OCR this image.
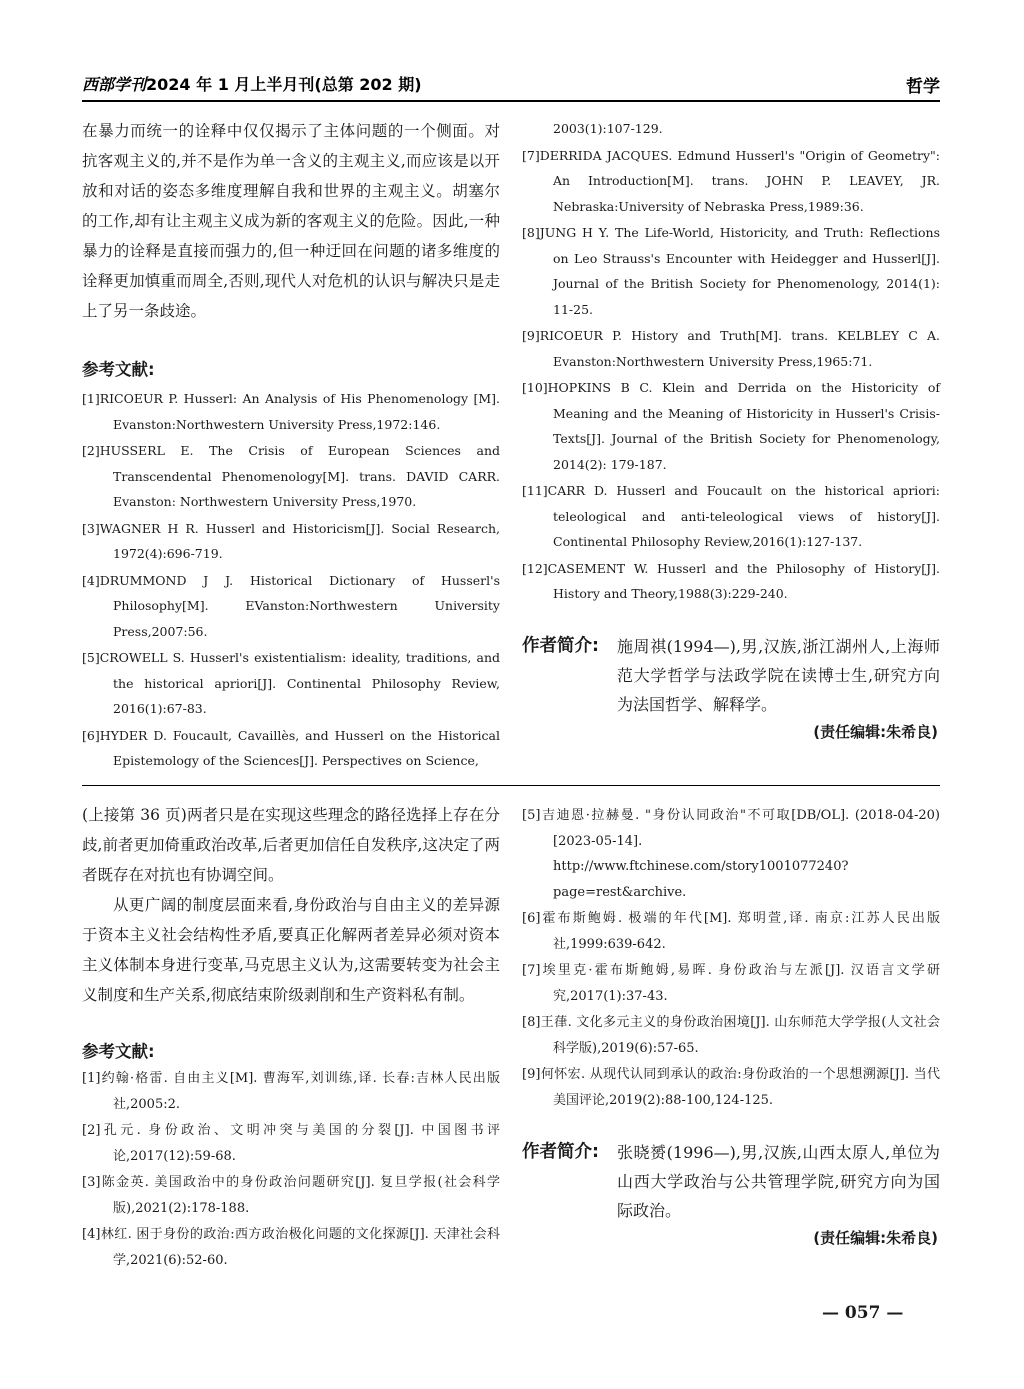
西部学刊2024 年 1 月上半月刊(总第 202 期)	哲学

在暴力而统一的诠释中仅仅揭示了主体问题的一个侧面。对抗客观主义的,并不是作为单一含义的主观主义,而应该是以开放和对话的姿态多维度理解自我和世界的主观主义。胡塞尔的工作,却有让主观主义成为新的客观主义的危险。因此,一种暴力的诠释是直接而强力的,但一种迂回在问题的诸多维度的诠释更加慎重而周全,否则,现代人对危机的认识与解决只是走上了另一条歧途。

参考文献:

[1]RICOEUR P. Husserl: An Analysis of His Phenomenology [M]. Evanston:Northwestern University Press,1972:146.
[2]HUSSERL E. The Crisis of European Sciences and Transcendental Phenomenology[M]. trans. DAVID CARR. Evanston: Northwestern University Press,1970.
[3]WAGNER H R. Husserl and Historicism[J]. Social Research, 1972(4):696-719.
[4]DRUMMOND J J. Historical Dictionary of Husserl's Philosophy[M]. EVanston:Northwestern University Press,2007:56.
[5]CROWELL S. Husserl's existentialism: ideality, traditions, and the historical apriori[J]. Continental Philosophy Review, 2016(1):67-83.
[6]HYDER D. Foucault, Cavaillès, and Husserl on the Historical Epistemology of the Sciences[J]. Perspectives on Science,
2003(1):107-129.
[7]DERRIDA JACQUES. Edmund Husserl's "Origin of Geometry": An Introduction[M]. trans. JOHN P. LEAVEY, JR. Nebraska:University of Nebraska Press,1989:36.
[8]JUNG H Y. The Life-World, Historicity, and Truth: Reflections on Leo Strauss's Encounter with Heidegger and Husserl[J]. Journal of the British Society for Phenomenology, 2014(1): 11-25.
[9]RICOEUR P. History and Truth[M]. trans. KELBLEY C A. Evanston:Northwestern University Press,1965:71.
[10]HOPKINS B C. Klein and Derrida on the Historicity of Meaning and the Meaning of Historicity in Husserl's Crisis-Texts[J]. Journal of the British Society for Phenomenology, 2014(2): 179-187.
[11]CARR D. Husserl and Foucault on the historical apriori: teleological and anti-teleological views of history[J]. Continental Philosophy Review,2016(1):127-137.
[12]CASEMENT W. Husserl and the Philosophy of History[J]. History and Theory,1988(3):229-240.
作者简介:	施周祺(1994—),男,汉族,浙江湖州人,上海师范大学哲学与法政学院在读博士生,研究方向为法国哲学、解释学。
(责任编辑:朱希良)

(上接第 36 页)两者只是在实现这些理念的路径选择上存在分歧,前者更加倚重政治改革,后者更加信任自发秩序,这决定了两者既存在对抗也有协调空间。

从更广阔的制度层面来看,身份政治与自由主义的差异源于资本主义社会结构性矛盾,要真正化解两者差异必须对资本主义体制本身进行变革,马克思主义认为,这需要转变为社会主义制度和生产关系,彻底结束阶级剥削和生产资料私有制。

参考文献:

[1]约翰·格雷. 自由主义[M]. 曹海军,刘训练,译. 长春:吉林人民出版社,2005:2.
[2]孔元. 身份政治、文明冲突与美国的分裂[J]. 中国图书评论,2017(12):59-68.
[3]陈金英. 美国政治中的身份政治问题研究[J]. 复旦学报(社会科学版),2021(2):178-188.
[4]林红. 困于身份的政治:西方政治极化问题的文化探源[J]. 天津社会科学,2021(6):52-60.
[5]吉迪恩·拉赫曼. "身份认同政治"不可取[DB/OL]. (2018-04-20)[2023-05-14]. http://www.ftchinese.com/story1001077240? page=rest&archive.
[6]霍布斯鲍姆. 极端的年代[M]. 郑明萱,译. 南京:江苏人民出版社,1999:639-642.
[7]埃里克·霍布斯鲍姆,易晖. 身份政治与左派[J]. 汉语言文学研究,2017(1):37-43.
[8]王葎. 文化多元主义的身份政治困境[J]. 山东师范大学学报(人文社会科学版),2019(6):57-65.
[9]何怀宏. 从现代认同到承认的政治:身份政治的一个思想溯源[J]. 当代美国评论,2019(2):88-100,124-125.
作者简介:	张晓赟(1996—),男,汉族,山西太原人,单位为山西大学政治与公共管理学院,研究方向为国际政治。
(责任编辑:朱希良)
— 057 —
